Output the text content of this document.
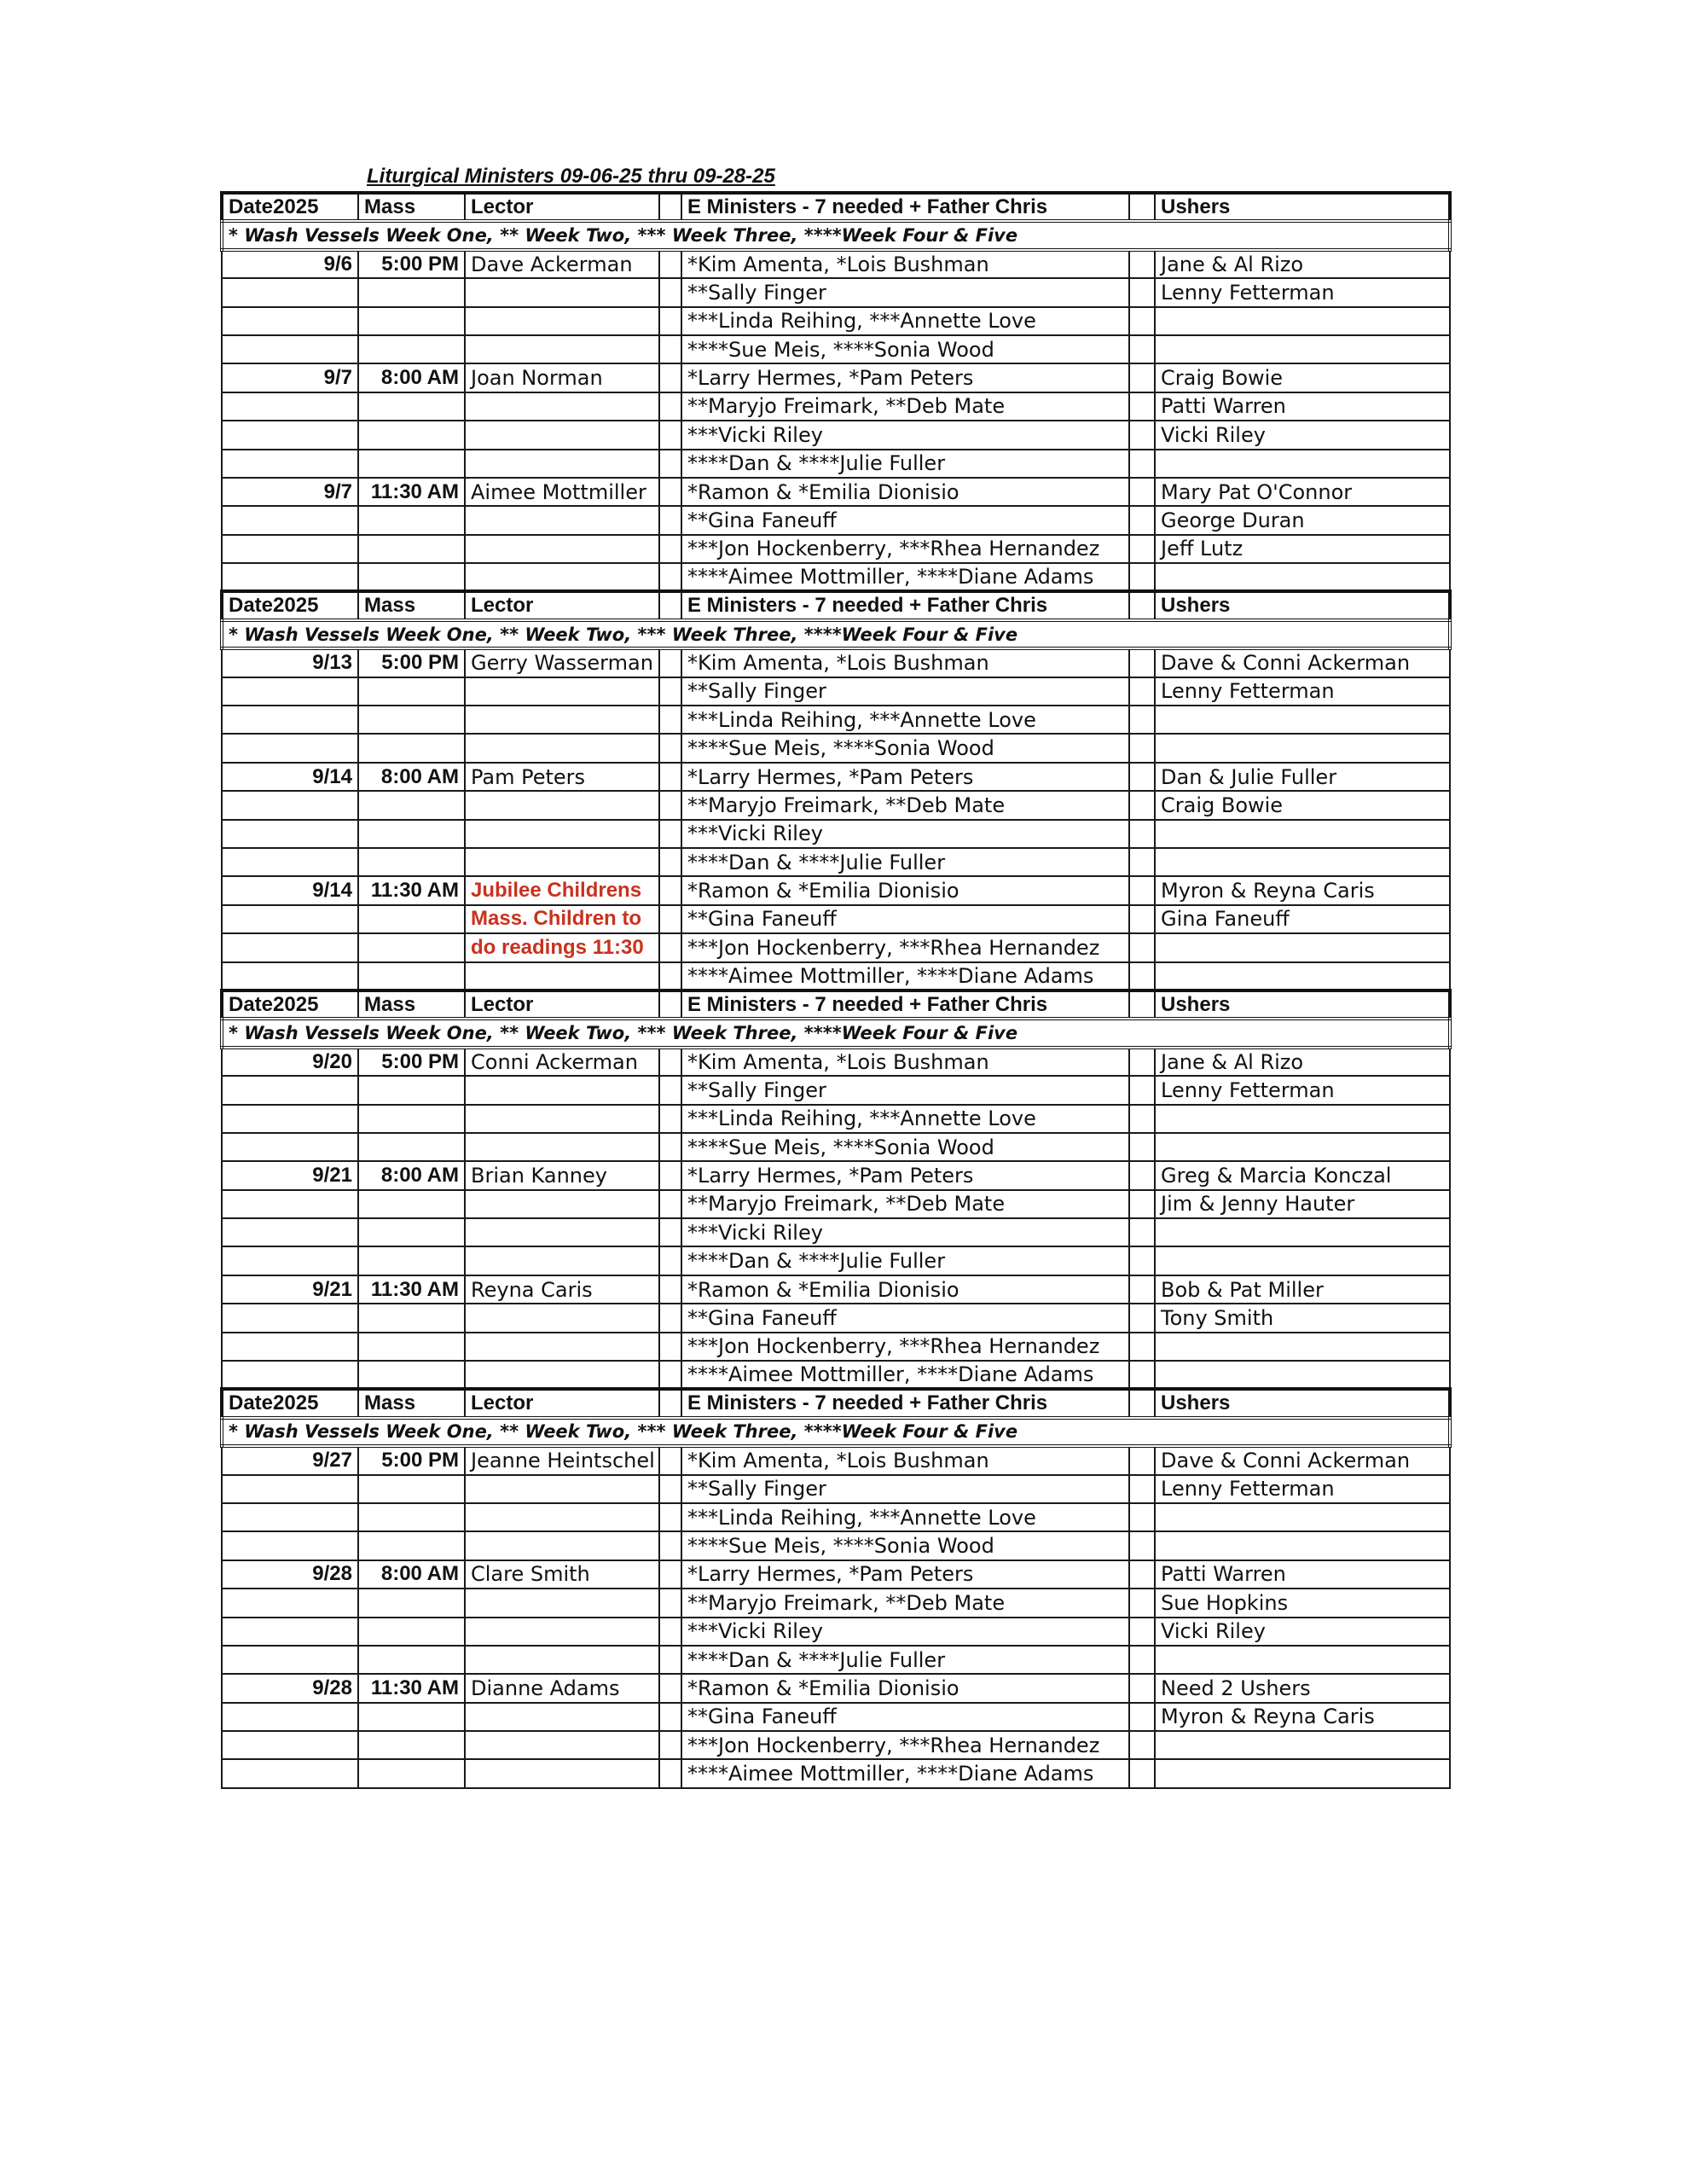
Liturgical Ministers 09-06-25 thru 09-28-25
Date2025	Mass	Lector		E Ministers - 7 needed + Father Chris		Ushers
* Wash Vessels Week One, ** Week Two, *** Week Three, ****Week Four & Five						
9/6	5:00 PM	Dave Ackerman		*Kim Amenta, *Lois Bushman		Jane & Al Rizo
				**Sally Finger		Lenny Fetterman
				***Linda Reihing, ***Annette Love		
				****Sue Meis, ****Sonia Wood		
9/7	8:00 AM	Joan Norman		*Larry Hermes, *Pam Peters		Craig Bowie
				**Maryjo Freimark, **Deb Mate		Patti Warren
				***Vicki Riley		Vicki Riley
				****Dan & ****Julie Fuller		
9/7	11:30 AM	Aimee Mottmiller		*Ramon & *Emilia Dionisio		Mary Pat O'Connor
				**Gina Faneuff		George Duran
				***Jon Hockenberry, ***Rhea Hernandez		Jeff Lutz
				****Aimee Mottmiller, ****Diane Adams		
Date2025	Mass	Lector		E Ministers - 7 needed + Father Chris		Ushers
* Wash Vessels Week One, ** Week Two, *** Week Three, ****Week Four & Five						
9/13	5:00 PM	Gerry Wasserman		*Kim Amenta, *Lois Bushman		Dave & Conni Ackerman
				**Sally Finger		Lenny Fetterman
				***Linda Reihing, ***Annette Love		
				****Sue Meis, ****Sonia Wood		
9/14	8:00 AM	Pam Peters		*Larry Hermes, *Pam Peters		Dan & Julie Fuller
				**Maryjo Freimark, **Deb Mate		Craig Bowie
				***Vicki Riley		
				****Dan & ****Julie Fuller		
9/14	11:30 AM	Jubilee Childrens		*Ramon & *Emilia Dionisio		Myron & Reyna Caris
		Mass. Children to		**Gina Faneuff		Gina Faneuff
		do readings 11:30		***Jon Hockenberry, ***Rhea Hernandez		
				****Aimee Mottmiller, ****Diane Adams		
Date2025	Mass	Lector		E Ministers - 7 needed + Father Chris		Ushers
* Wash Vessels Week One, ** Week Two, *** Week Three, ****Week Four & Five						
9/20	5:00 PM	Conni Ackerman		*Kim Amenta, *Lois Bushman		Jane & Al Rizo
				**Sally Finger		Lenny Fetterman
				***Linda Reihing, ***Annette Love		
				****Sue Meis, ****Sonia Wood		
9/21	8:00 AM	Brian Kanney		*Larry Hermes, *Pam Peters		Greg & Marcia Konczal
				**Maryjo Freimark, **Deb Mate		Jim & Jenny Hauter
				***Vicki Riley		
				****Dan & ****Julie Fuller		
9/21	11:30 AM	Reyna Caris		*Ramon & *Emilia Dionisio		Bob & Pat Miller
				**Gina Faneuff		Tony Smith
				***Jon Hockenberry, ***Rhea Hernandez		
				****Aimee Mottmiller, ****Diane Adams		
Date2025	Mass	Lector		E Ministers - 7 needed + Father Chris		Ushers
* Wash Vessels Week One, ** Week Two, *** Week Three, ****Week Four & Five						
9/27	5:00 PM	Jeanne Heintschel		*Kim Amenta, *Lois Bushman		Dave & Conni Ackerman
				**Sally Finger		Lenny Fetterman
				***Linda Reihing, ***Annette Love		
				****Sue Meis, ****Sonia Wood		
9/28	8:00 AM	Clare Smith		*Larry Hermes, *Pam Peters		Patti Warren
				**Maryjo Freimark, **Deb Mate		Sue Hopkins
				***Vicki Riley		Vicki Riley
				****Dan & ****Julie Fuller		
9/28	11:30 AM	Dianne Adams		*Ramon & *Emilia Dionisio		Need 2 Ushers
				**Gina Faneuff		Myron & Reyna Caris
				***Jon Hockenberry, ***Rhea Hernandez		
				****Aimee Mottmiller, ****Diane Adams		
